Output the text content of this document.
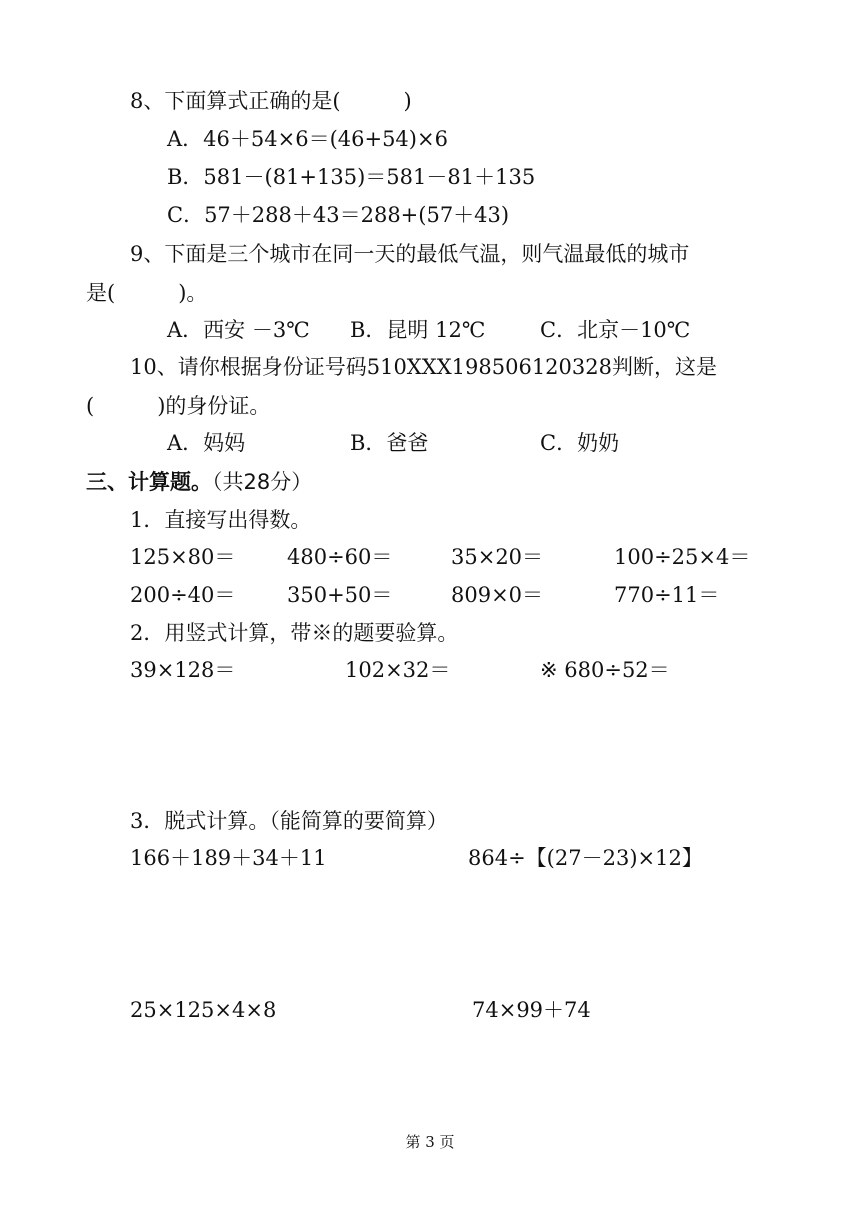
8、下面算式正确的是(　　　)
A．46＋54×6＝(46+54)×6
B．581－(81+135)＝581－81＋135
C．57＋288＋43＝288+(57＋43)
9、下面是三个城市在同一天的最低气温，则气温最低的城市
是(　　　)。
A．西安 －3℃ B．昆明 12℃	C．北京－10℃
10、请你根据身份证号码510XXX198506120328判断，这是
(　　　)的身份证。
A．妈妈	B．爸爸	C．奶奶
三、计算题。（共28分）
1．直接写出得数。
125×80＝ 480÷60＝	35×20＝	100÷25×4＝
200÷40＝ 350+50＝	809×0＝	770÷11＝
2．用竖式计算，带※的题要验算。
39×128＝	102×32＝	※ 680÷52＝
3．脱式计算。（能简算的要简算）
166＋189＋34＋11	864÷【(27－23)×12】
25×125×4×8	74×99＋74
第 3 页
